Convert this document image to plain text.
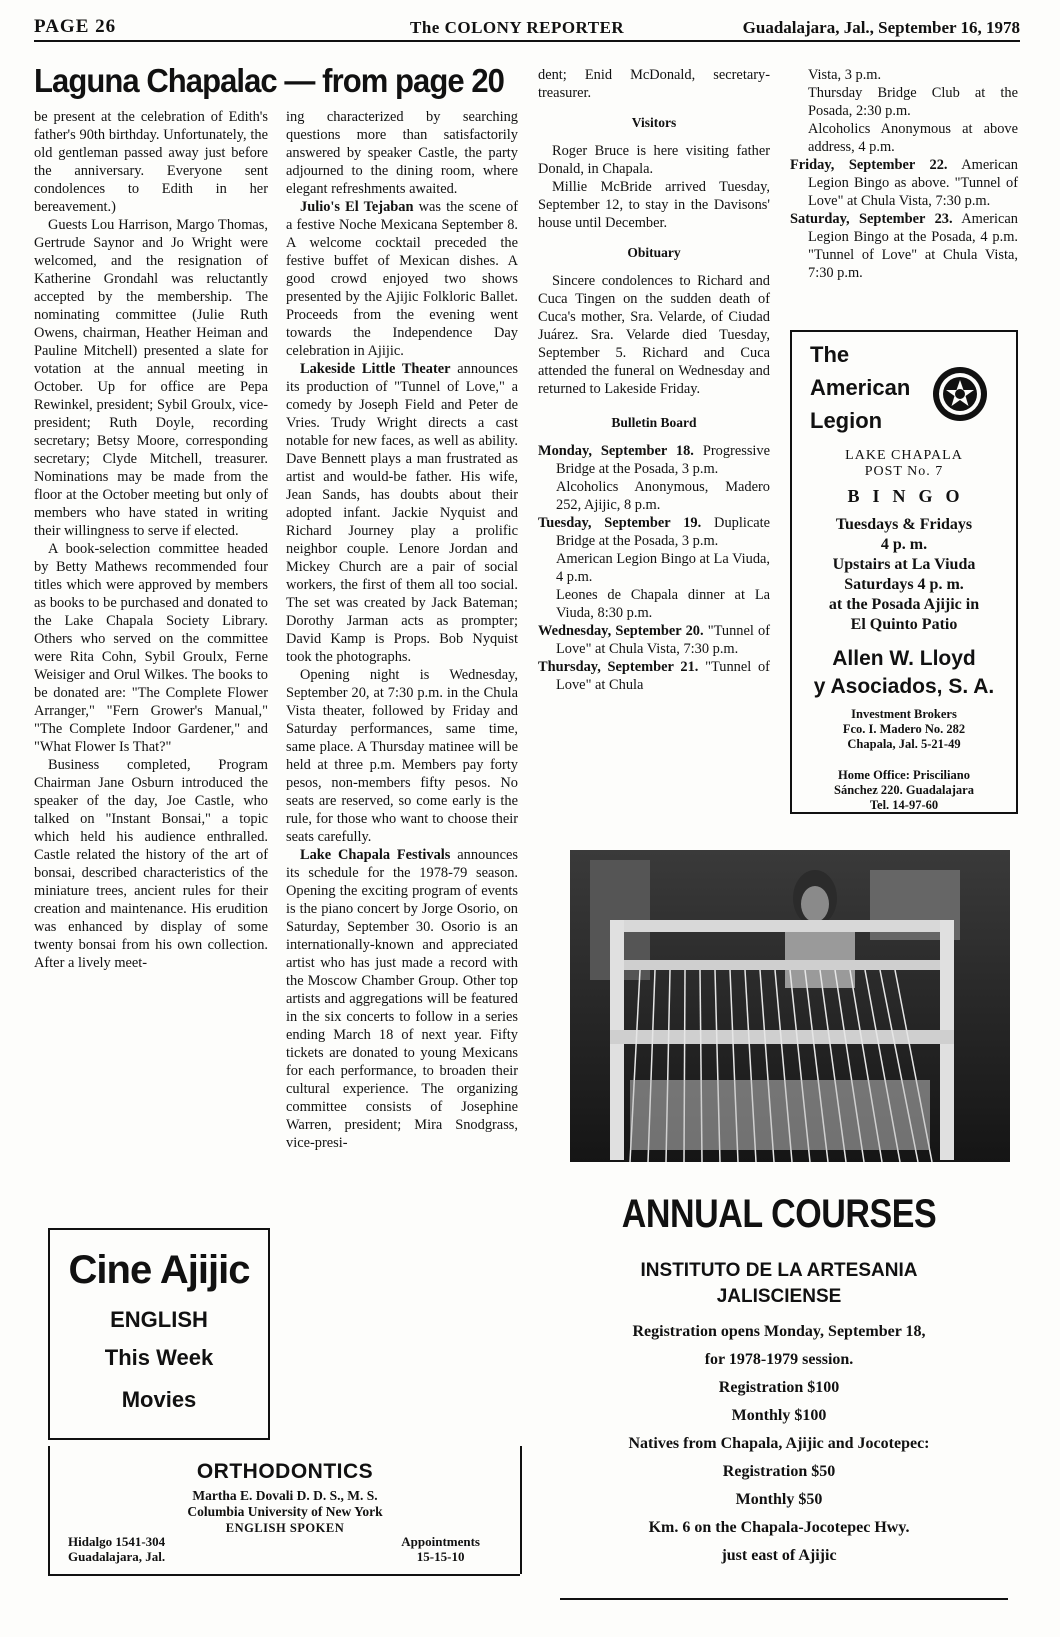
PAGE 26	The COLONY REPORTER	Guadalajara, Jal., September 16, 1978
Laguna Chapalac — from page 20

be present at the celebration of Edith's father's 90th birthday. Unfortunately, the old gentleman passed away just before the anniversary. Everyone sent condolences to Edith in her bereavement.)

Guests Lou Harrison, Margo Thomas, Gertrude Saynor and Jo Wright were welcomed, and the resignation of Katherine Grondahl was reluctantly accepted by the membership. The nominating committee (Julie Ruth Owens, chairman, Heather Heiman and Pauline Mitchell) presented a slate for votation at the annual meeting in October. Up for office are Pepa Rewinkel, president; Sybil Groulx, vice-president; Ruth Doyle, recording secretary; Betsy Moore, corresponding secretary; Clyde Mitchell, treasurer. Nominations may be made from the floor at the October meeting but only of members who have stated in writing their willingness to serve if elected.

A book-selection committee headed by Betty Mathews recommended four titles which were approved by members as books to be purchased and donated to the Lake Chapala Society Library. Others who served on the committee were Rita Cohn, Sybil Groulx, Ferne Weisiger and Orul Wilkes. The books to be donated are: "The Complete Flower Arranger," "Fern Grower's Manual," "The Complete Indoor Gardener," and "What Flower Is That?"

Business completed, Program Chairman Jane Osburn introduced the speaker of the day, Joe Castle, who talked on "Instant Bonsai," a topic which held his audience enthralled. Castle related the history of the art of bonsai, described characteristics of the miniature trees, ancient rules for their creation and maintenance. His erudition was enhanced by display of some twenty bonsai from his own collection. After a lively meet-

ing characterized by searching questions more than satisfactorily answered by speaker Castle, the party adjourned to the dining room, where elegant refreshments awaited.

Julio's El Tejaban was the scene of a festive Noche Mexicana September 8. A welcome cocktail preceded the festive buffet of Mexican dishes. A good crowd enjoyed two shows presented by the Ajijic Folkloric Ballet. Proceeds from the evening went towards the Independence Day celebration in Ajijic.

Lakeside Little Theater announces its production of "Tunnel of Love," a comedy by Joseph Field and Peter de Vries. Trudy Wright directs a cast notable for new faces, as well as ability. Dave Bennett plays a man frustrated as artist and would-be father. His wife, Jean Sands, has doubts about their adopted infant. Jackie Nyquist and Richard Journey play a prolific neighbor couple. Lenore Jordan and Mickey Church are a pair of social workers, the first of them all too social. The set was created by Jack Bateman; Dorothy Jarman acts as prompter; David Kamp is Props. Bob Nyquist took the photographs.

Opening night is Wednesday, September 20, at 7:30 p.m. in the Chula Vista theater, followed by Friday and Saturday performances, same time, same place. A Thursday matinee will be held at three p.m. Members pay forty pesos, non-members fifty pesos. No seats are reserved, so come early is the rule, for those who want to choose their seats carefully.

Lake Chapala Festivals announces its schedule for the 1978-79 season. Opening the exciting program of events is the piano concert by Jorge Osorio, on Saturday, September 30. Osorio is an internationally-known and appreciated artist who has just made a record with the Moscow Chamber Group. Other top artists and aggregations will be featured in the six concerts to follow in a series ending March 18 of next year. Fifty tickets are donated to young Mexicans for each performance, to broaden their cultural experience. The organizing committee consists of Josephine Warren, president; Mira Snodgrass, vice-presi-

dent; Enid McDonald, secretary-treasurer.

Visitors

Roger Bruce is here visiting father Donald, in Chapala.

Millie McBride arrived Tuesday, September 12, to stay in the Davisons' house until December.

Obituary

Sincere condolences to Richard and Cuca Tingen on the sudden death of Cuca's mother, Sra. Velarde, of Ciudad Juárez. Sra. Velarde died Tuesday, September 5. Richard and Cuca attended the funeral on Wednesday and returned to Lakeside Friday.

Bulletin Board
Monday, September 18. Progressive Bridge at the Posada, 3 p.m.
Alcoholics Anonymous, Madero 252, Ajijic, 8 p.m.
Tuesday, September 19. Duplicate Bridge at the Posada, 3 p.m.
American Legion Bingo at La Viuda, 4 p.m.
Leones de Chapala dinner at La Viuda, 8:30 p.m.
Wednesday, September 20. "Tunnel of Love" at Chula Vista, 7:30 p.m.
Thursday, September 21. "Tunnel of Love" at Chula
Vista, 3 p.m.
Thursday Bridge Club at the Posada, 2:30 p.m.
Alcoholics Anonymous at above address, 4 p.m.
Friday, September 22. American Legion Bingo as above. "Tunnel of Love" at Chula Vista, 7:30 p.m.
Saturday, September 23. American Legion Bingo at the Posada, 4 p.m. "Tunnel of Love" at Chula Vista, 7:30 p.m.
The
American
Legion
LAKE CHAPALA
POST No. 7
BINGO
Tuesdays & Fridays
4 p. m.
Upstairs at La Viuda
Saturdays 4 p. m.
at the Posada Ajijic in
El Quinto Patio
Allen W. Lloyd
y Asociados, S. A.
Investment Brokers
Fco. I. Madero No. 282
Chapala, Jal. 5-21-49
Home Office: Prisciliano
Sánchez 220. Guadalajara
Tel. 14-97-60
ANNUAL COURSES
INSTITUTO DE LA ARTESANIA
JALISCIENSE
Registration opens Monday, September 18,
for 1978-1979 session.
Registration $100
Monthly $100
Natives from Chapala, Ajijic and Jocotepec:
Registration $50
Monthly $50
Km. 6 on the Chapala-Jocotepec Hwy.
just east of Ajijic
Cine Ajijic
ENGLISH
This Week
Movies
ORTHODONTICS
Martha E. Dovali D. D. S., M. S.
Columbia University of New York
ENGLISH SPOKEN
Hidalgo 1541-304
Guadalajara, Jal.
Appointments
15-15-10
